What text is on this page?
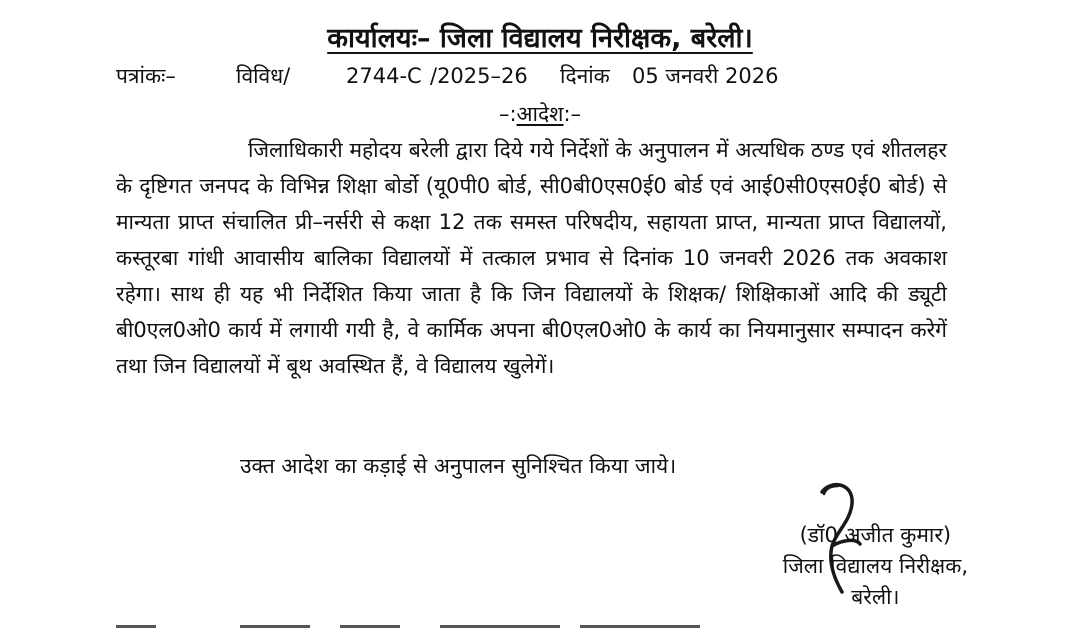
कार्यालयः– जिला विद्यालय निरीक्षक, बरेली।
पत्रांकः–	विविध/	2744-C /2025–26 दिनांक 05 जनवरी 2026
–:आदेश:–
जिलाधिकारी महोदय बरेली द्वारा दिये गये निर्देशों के अनुपालन में अत्यधिक ठण्ड एवं शीतलहर के दृष्टिगत जनपद के विभिन्न शिक्षा बोर्डो (यू0पी0 बोर्ड, सी0बी0एस0ई0 बोर्ड एवं आई0सी0एस0ई0 बोर्ड) से मान्यता प्राप्त संचालित प्री–नर्सरी से कक्षा 12 तक समस्त परिषदीय, सहायता प्राप्त, मान्यता प्राप्त विद्यालयों, कस्तूरबा गांधी आवासीय बालिका विद्यालयों में तत्काल प्रभाव से दिनांक 10 जनवरी 2026 तक अवकाश रहेगा। साथ ही यह भी निर्देशित किया जाता है कि जिन विद्यालयों के शिक्षक/ शिक्षिकाओं आदि की ड्यूटी बी0एल0ओ0 कार्य में लगायी गयी है, वे कार्मिक अपना बी0एल0ओ0 के कार्य का नियमानुसार सम्पादन करेगें तथा जिन विद्यालयों में बूथ अवस्थित हैं, वे विद्यालय खुलेगें।
उक्त आदेश का कड़ाई से अनुपालन सुनिश्चित किया जाये।
(डॉ0 अजीत कुमार)
जिला विद्यालय निरीक्षक,
बरेली।
